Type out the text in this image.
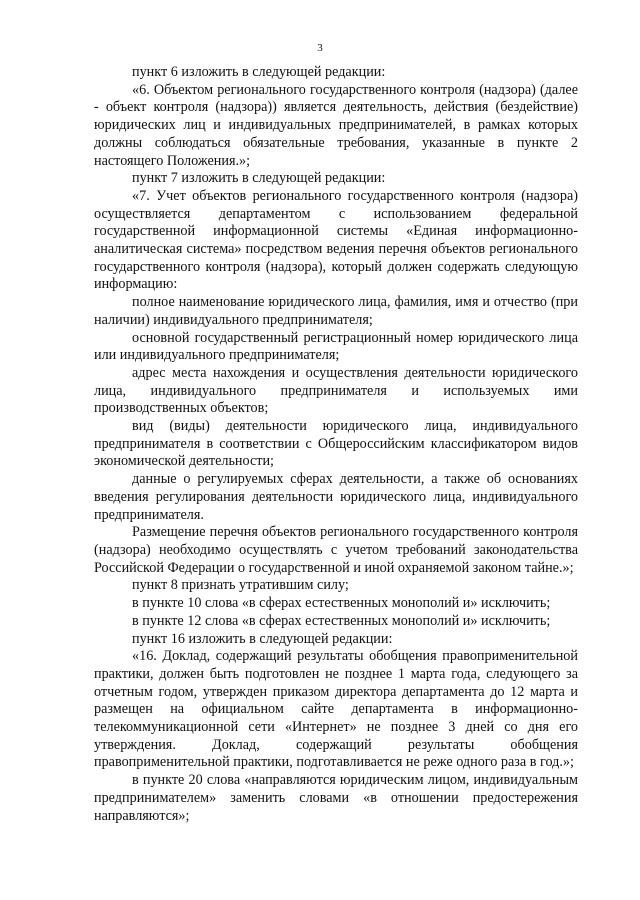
3

пункт 6 изложить в следующей редакции:

«6. Объектом регионального государственного контроля (надзора) (далее - объект контроля (надзора)) является деятельность, действия (бездействие) юридических лиц и индивидуальных предпринимателей, в рамках которых должны соблюдаться обязательные требования, указанные в пункте 2 настоящего Положения.»;

пункт 7 изложить в следующей редакции:

«7. Учет объектов регионального государственного контроля (надзора) осуществляется департаментом с использованием федеральной государственной информационной системы «Единая информационно-аналитическая система» посредством ведения перечня объектов регионального государственного контроля (надзора), который должен содержать следующую информацию:

полное наименование юридического лица, фамилия, имя и отчество (при наличии) индивидуального предпринимателя;

основной государственный регистрационный номер юридического лица или индивидуального предпринимателя;

адрес места нахождения и осуществления деятельности юридического лица, индивидуального предпринимателя и используемых ими производственных объектов;

вид (виды) деятельности юридического лица, индивидуального предпринимателя в соответствии с Общероссийским классификатором видов экономической деятельности;

данные о регулируемых сферах деятельности, а также об основаниях введения регулирования деятельности юридического лица, индивидуального предпринимателя.

Размещение перечня объектов регионального государственного контроля (надзора) необходимо осуществлять с учетом требований законодательства Российской Федерации о государственной и иной охраняемой законом тайне.»;

пункт 8 признать утратившим силу;

в пункте 10 слова «в сферах естественных монополий и» исключить;

в пункте 12 слова «в сферах естественных монополий и» исключить;

пункт 16 изложить в следующей редакции:

«16. Доклад, содержащий результаты обобщения правоприменительной практики, должен быть подготовлен не позднее 1 марта года, следующего за отчетным годом, утвержден приказом директора департамента до 12 марта и размещен на официальном сайте департамента в информационно-телекоммуникационной сети «Интернет» не позднее 3 дней со дня его утверждения. Доклад, содержащий результаты обобщения правоприменительной практики, подготавливается не реже одного раза в год.»;

в пункте 20 слова «направляются юридическим лицом, индивидуальным предпринимателем» заменить словами «в отношении предостережения направляются»;
